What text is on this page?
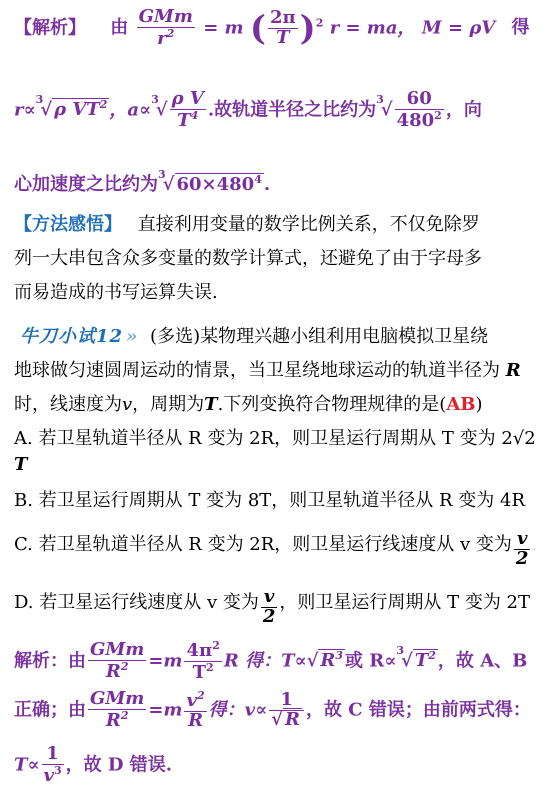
【解析】 由 $\frac{\text{GMm}}{r^2} = m$ ( $\frac{2\pi}{T} )^2$ r = ma， M = ρV 得
r∝$^3$√ ρ $VT^2$ ，$a\propto^3√ \frac{\text{ρ V}}{T^4}$ .故轨道半径之比约为$^3√ \frac{60}{480^2}$ ，向
心加速度之比约为$^3$√ $60\times 480^4$ .
【方法感悟】 直接利用变量的数学比例关系，不仅免除罗
列一大串包含众多变量的数学计算式，还避免了由于字母多
而易造成的书写运算失误.
牛刀小试12 » (多选)某物理兴趣小组利用电脑模拟卫星绕
地球做匀速圆周运动的情景，当卫星绕地球运动的轨道半径为 R
时，线速度为v，周期为T.下列变换符合物理规律的是(AB)
A. 若卫星轨道半径从 R 变为 2R，则卫星运行周期从 T 变为 2√2
T
B. 若卫星运行周期从 T 变为 8T，则卫星轨道半径从 R 变为 4R
C. 若卫星轨道半径从 R 变为 2R，则卫星运行线速度从 v 变为 $\frac{v}{2}$
D. 若卫星运行线速度从 v 变为 $\frac{v}{2}$ ，则卫星运行周期从 T 变为 2T
解析：由 $\frac{\text{GMm}}{R^2} =m \frac{4\pi^2}{T^2}$ R 得：T∝√ $R^3$ 或 R∝$^3$√ $T^2$ ，故 A、B
正确；由 $\frac{\text{GMm}}{R^2} =m \frac{v^2}{R}$ 得：$v\propto \frac{1}{√ R}$ ，故 C 错误；由前两式得：
$T\propto \frac{1}{v^3}$ ，故 D 错误.
